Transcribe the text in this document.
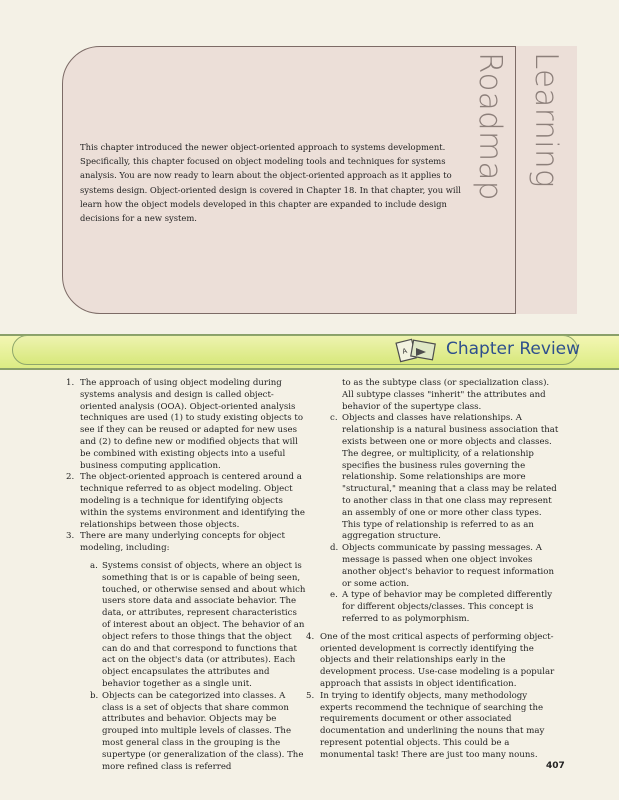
Learning Roadmap

This chapter introduced the newer object-oriented approach to systems development. Specifically, this chapter focused on object modeling tools and techniques for systems analysis. You are now ready to learn about the object-oriented approach as it applies to systems design. Object-oriented design is covered in Chapter 18. In that chapter, you will learn how the object models developed in this chapter are expanded to include design decisions for a new system.

A Chapter Review
1. The approach of using object modeling during systems analysis and design is called object-oriented analysis (OOA). Object-oriented analysis techniques are used (1) to study existing objects to see if they can be reused or adapted for new uses and (2) to define new or modified objects that will be combined with existing objects into a useful business computing application.
2. The object-oriented approach is centered around a technique referred to as object modeling. Object modeling is a technique for identifying objects within the systems environment and identifying the relationships between those objects.
3. There are many underlying concepts for object modeling, including:
a. Systems consist of objects, where an object is something that is or is capable of being seen, touched, or otherwise sensed and about which users store data and associate behavior. The data, or attributes, represent characteristics of interest about an object. The behavior of an object refers to those things that the object can do and that correspond to functions that act on the object's data (or attributes). Each object encapsulates the attributes and behavior together as a single unit.
b. Objects can be categorized into classes. A class is a set of objects that share common attributes and behavior. Objects may be grouped into multiple levels of classes. The most general class in the grouping is the supertype (or generalization of the class). The more refined class is referred
to as the subtype class (or specialization class). All subtype classes "inherit" the attributes and behavior of the supertype class.
c. Objects and classes have relationships. A relationship is a natural business association that exists between one or more objects and classes. The degree, or multiplicity, of a relationship specifies the business rules governing the relationship. Some relationships are more "structural," meaning that a class may be related to another class in that one class may represent an assembly of one or more other class types. This type of relationship is referred to as an aggregation structure.
d. Objects communicate by passing messages. A message is passed when one object invokes another object's behavior to request information or some action.
e. A type of behavior may be completed differently for different objects/classes. This concept is referred to as polymorphism.
4. One of the most critical aspects of performing object-oriented development is correctly identifying the objects and their relationships early in the development process. Use-case modeling is a popular approach that assists in object identification.
5. In trying to identify objects, many methodology experts recommend the technique of searching the requirements document or other associated documentation and underlining the nouns that may represent potential objects. This could be a monumental task! There are just too many nouns.
407
